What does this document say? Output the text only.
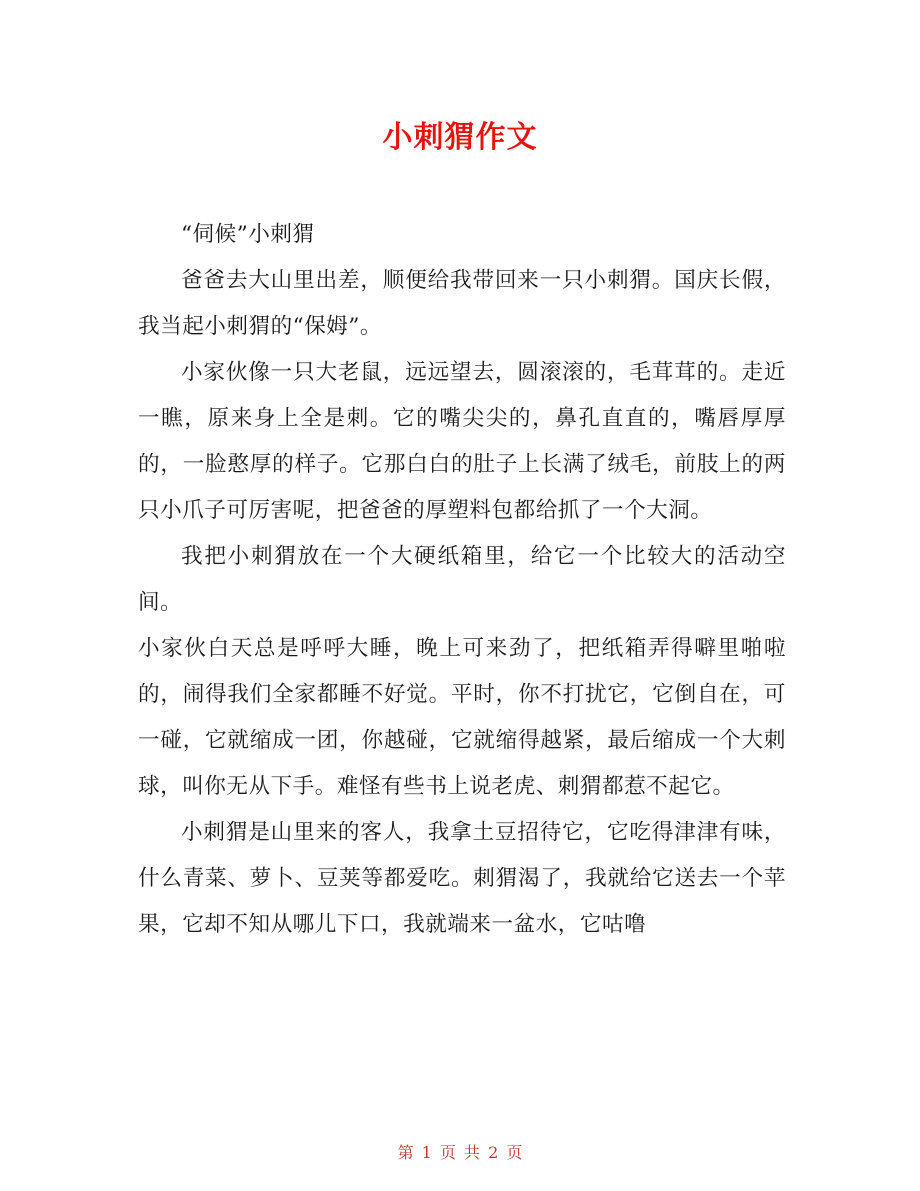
小刺猬作文

“伺候”小刺猬

爸爸去大山里出差，顺便给我带回来一只小刺猬。国庆长假，我当起小刺猬的“保姆”。

小家伙像一只大老鼠，远远望去，圆滚滚的，毛茸茸的。走近一瞧，原来身上全是刺。它的嘴尖尖的，鼻孔直直的，嘴唇厚厚的，一脸憨厚的样子。它那白白的肚子上长满了绒毛，前肢上的两只小爪子可厉害呢，把爸爸的厚塑料包都给抓了一个大洞。

我把小刺猬放在一个大硬纸箱里，给它一个比较大的活动空间。

小家伙白天总是呼呼大睡，晚上可来劲了，把纸箱弄得噼里啪啦的，闹得我们全家都睡不好觉。平时，你不打扰它，它倒自在，可一碰，它就缩成一团，你越碰，它就缩得越紧，最后缩成一个大刺球，叫你无从下手。难怪有些书上说老虎、刺猬都惹不起它。

小刺猬是山里来的客人，我拿土豆招待它，它吃得津津有味，什么青菜、萝卜、豆荚等都爱吃。刺猬渴了，我就给它送去一个苹果，它却不知从哪儿下口，我就端来一盆水，它咕噜

第 1 页 共 2 页
